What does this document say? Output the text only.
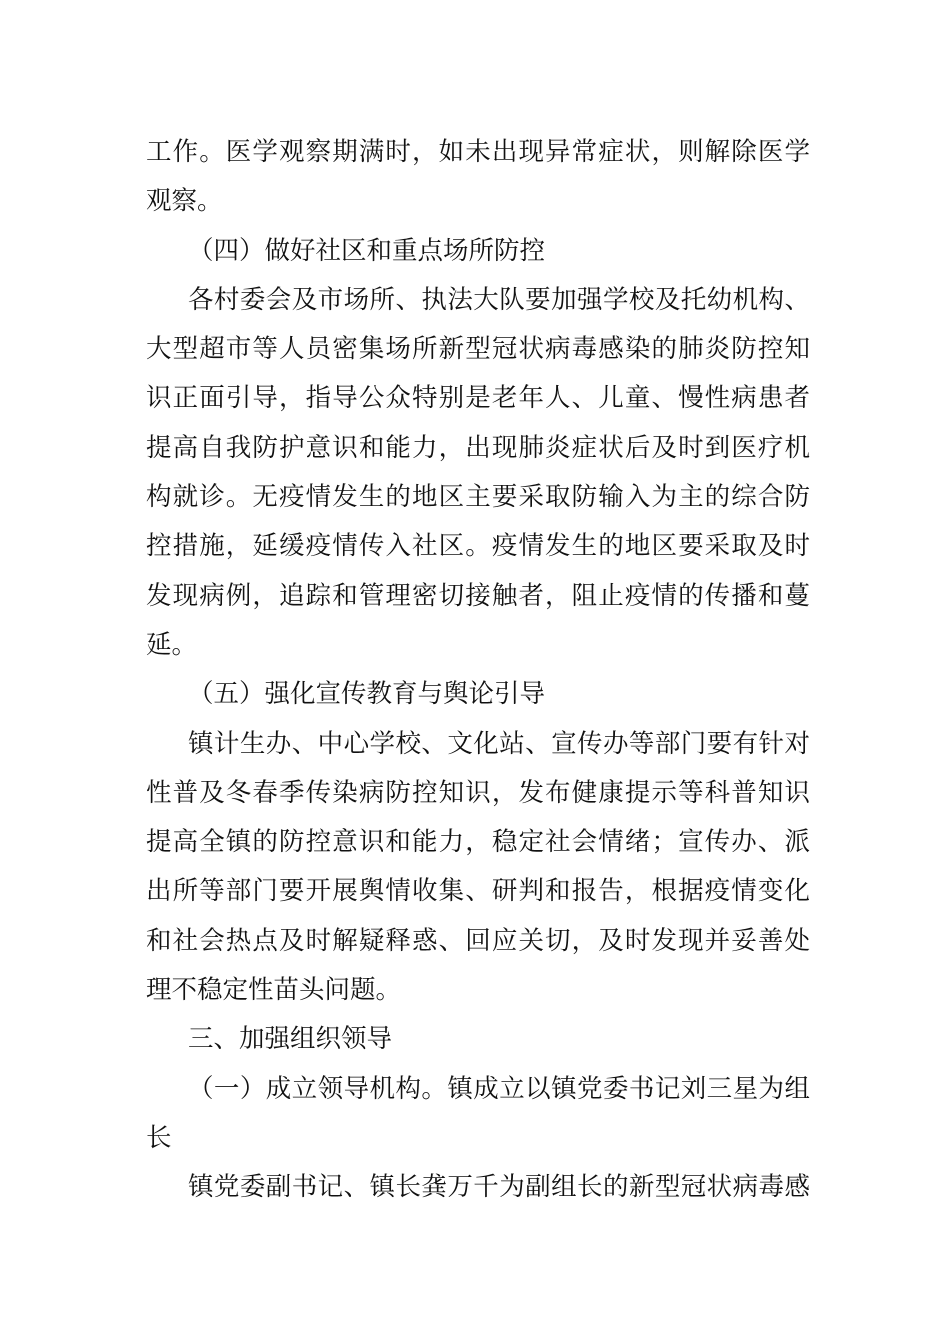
工作。医学观察期满时，如未出现异常症状，则解除医学
观察。
（四）做好社区和重点场所防控
各村委会及市场所、执法大队要加强学校及托幼机构、
大型超市等人员密集场所新型冠状病毒感染的肺炎防控知
识正面引导，指导公众特别是老年人、儿童、慢性病患者
提高自我防护意识和能力，出现肺炎症状后及时到医疗机
构就诊。无疫情发生的地区主要采取防输入为主的综合防
控措施，延缓疫情传入社区。疫情发生的地区要采取及时
发现病例，追踪和管理密切接触者，阻止疫情的传播和蔓
延。
（五）强化宣传教育与舆论引导
镇计生办、中心学校、文化站、宣传办等部门要有针对
性普及冬春季传染病防控知识，发布健康提示等科普知识
提高全镇的防控意识和能力，稳定社会情绪；宣传办、派
出所等部门要开展舆情收集、研判和报告，根据疫情变化
和社会热点及时解疑释惑、回应关切，及时发现并妥善处
理不稳定性苗头问题。
三、加强组织领导
（一）成立领导机构。镇成立以镇党委书记刘三星为组
长
镇党委副书记、镇长龚万千为副组长的新型冠状病毒感
